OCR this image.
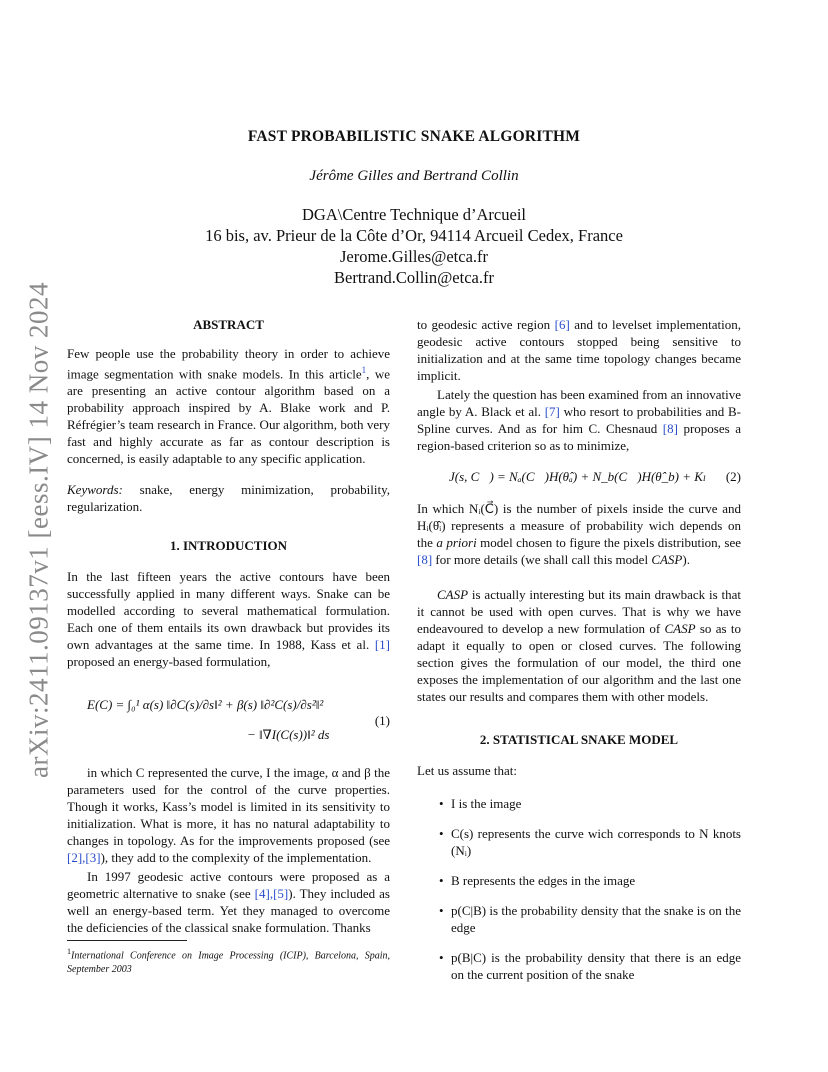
arXiv:2411.09137v1 [eess.IV] 14 Nov 2024
FAST PROBABILISTIC SNAKE ALGORITHM
Jérôme Gilles and Bertrand Collin
DGA\Centre Technique d’Arcueil
16 bis, av. Prieur de la Côte d’Or, 94114 Arcueil Cedex, France
Jerome.Gilles@etca.fr
Bertrand.Collin@etca.fr
ABSTRACT

Few people use the probability theory in order to achieve image segmentation with snake models. In this article$^1$, we are presenting an active contour algorithm based on a probability approach inspired by A. Blake work and P. Réfrégier’s team research in France. Our algorithm, both very fast and highly accurate as far as contour description is concerned, is easily adaptable to any specific application.

Keywords: snake, energy minimization, probability, regularization.

1. INTRODUCTION

In the last fifteen years the active contours have been successfully applied in many different ways. Snake can be modelled according to several mathematical formulation. Each one of them entails its own drawback but provides its own advantages at the same time. In 1988, Kass et al. [1] proposed an energy-based formulation,

E(C) = ∫₀¹ α(s) ‖∂C(s)/∂s‖² + β(s) ‖∂²C(s)/∂s²‖²
− ‖∇I(C(s))‖² ds
(1)

in which C represented the curve, I the image, α and β the parameters used for the control of the curve properties. Though it works, Kass’s model is limited in its sensitivity to initialization. What is more, it has no natural adaptability to changes in topology. As for the improvements proposed (see [2],[3]), they add to the complexity of the implementation.

In 1997 geodesic active contours were proposed as a geometric alternative to snake (see [4],[5]). They included as well an energy-based term. Yet they managed to overcome the deficiencies of the classical snake formulation. Thanks

$^1$International Conference on Image Processing (ICIP), Barcelona, Spain, September 2003

to geodesic active region [6] and to levelset implementation, geodesic active contours stopped being sensitive to initialization and at the same time topology changes became implicit.

Lately the question has been examined from an innovative angle by A. Black et al. [7] who resort to probabilities and B-Spline curves. And as for him C. Chesnaud [8] proposes a region-based criterion so as to minimize,

J(s, C⃗) = Nₐ(C⃗)H(θ̂ₐ) + N_b(C⃗)H(θ̂_b) + Kₗ (2)

In which Nᵢ(C⃗) is the number of pixels inside the curve and Hᵢ(θ̂ᵢ) represents a measure of probability wich depends on the a priori model chosen to figure the pixels distribution, see [8] for more details (we shall call this model CASP).

CASP is actually interesting but its main drawback is that it cannot be used with open curves. That is why we have endeavoured to develop a new formulation of CASP so as to adapt it equally to open or closed curves. The following section gives the formulation of our model, the third one exposes the implementation of our algorithm and the last one states our results and compares them with other models.

2. STATISTICAL SNAKE MODEL

Let us assume that:

• I is the image
• C(s) represents the curve wich corresponds to N knots (Nᵢ)
• B represents the edges in the image
• p(C|B) is the probability density that the snake is on the edge
• p(B|C) is the probability density that there is an edge on the current position of the snake
